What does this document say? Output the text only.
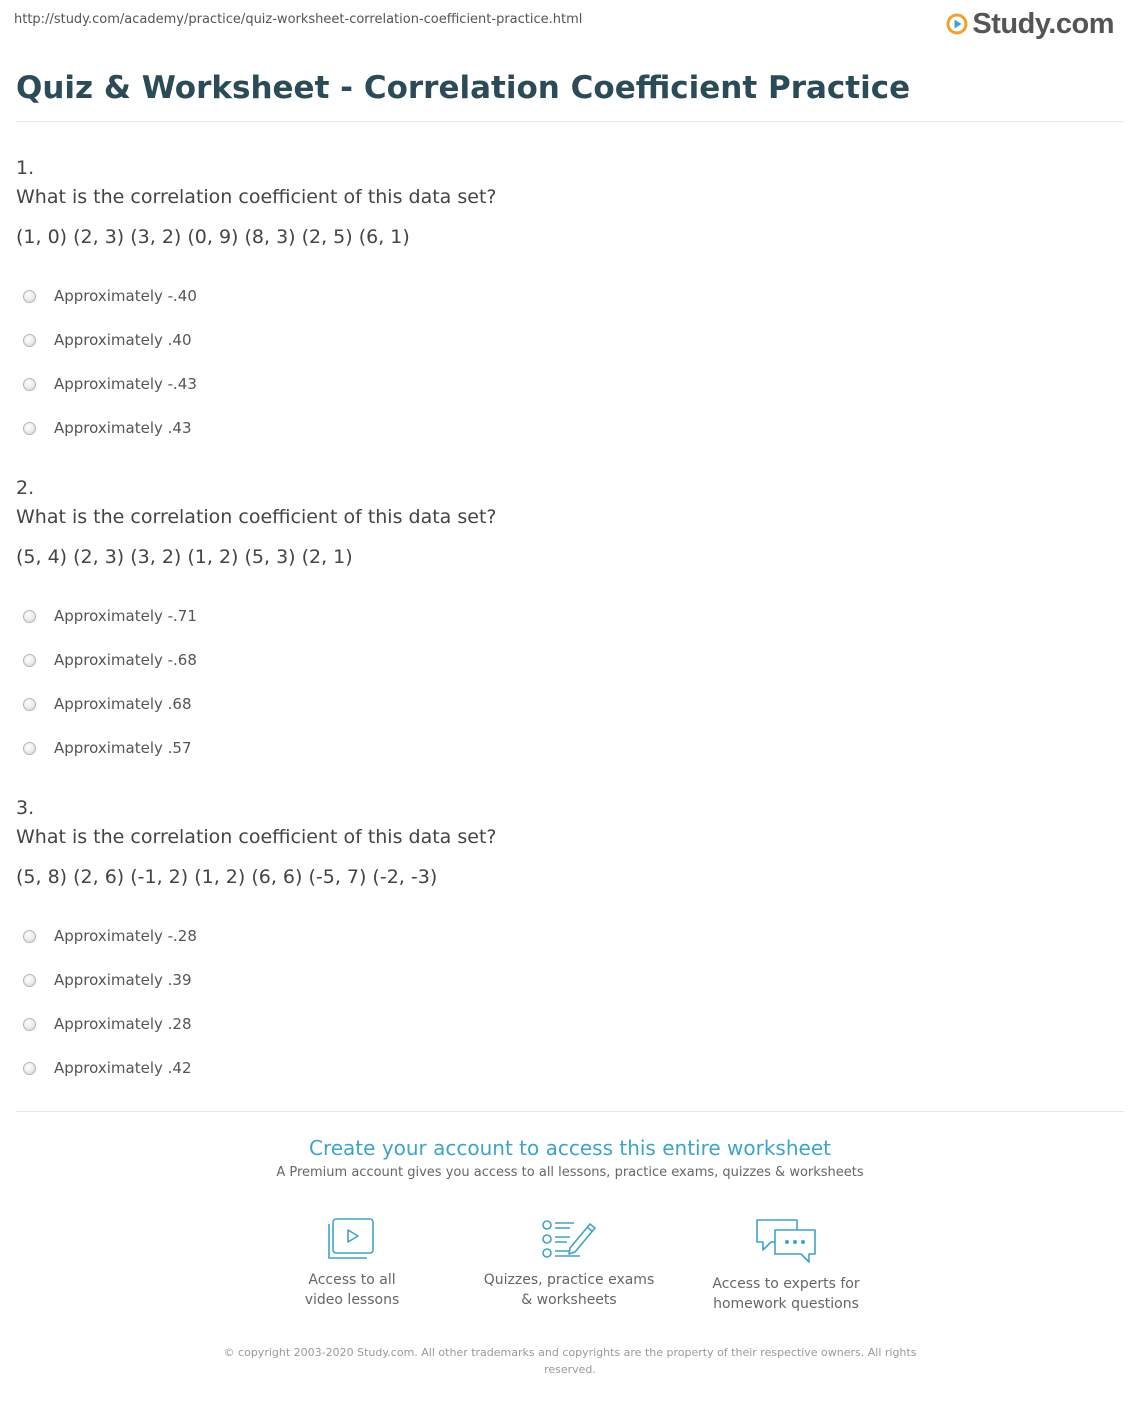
http://study.com/academy/practice/quiz-worksheet-correlation-coefficient-practice.html	Study.com
Quiz & Worksheet - Correlation Coefficient Practice
1.
What is the correlation coefficient of this data set?
(1, 0) (2, 3) (3, 2) (0, 9) (8, 3) (2, 5) (6, 1)
Approximately -.40
Approximately .40
Approximately -.43
Approximately .43
2.
What is the correlation coefficient of this data set?
(5, 4) (2, 3) (3, 2) (1, 2) (5, 3) (2, 1)
Approximately -.71
Approximately -.68
Approximately .68
Approximately .57
3.
What is the correlation coefficient of this data set?
(5, 8) (2, 6) (-1, 2) (1, 2) (6, 6) (-5, 7) (-2, -3)
Approximately -.28
Approximately .39
Approximately .28
Approximately .42
Create your account to access this entire worksheet
A Premium account gives you access to all lessons, practice exams, quizzes & worksheets
Access to all
video lessons
Quizzes, practice exams
& worksheets
Access to experts for
homework questions
© copyright 2003-2020 Study.com. All other trademarks and copyrights are the property of their respective owners. All rights reserved.
